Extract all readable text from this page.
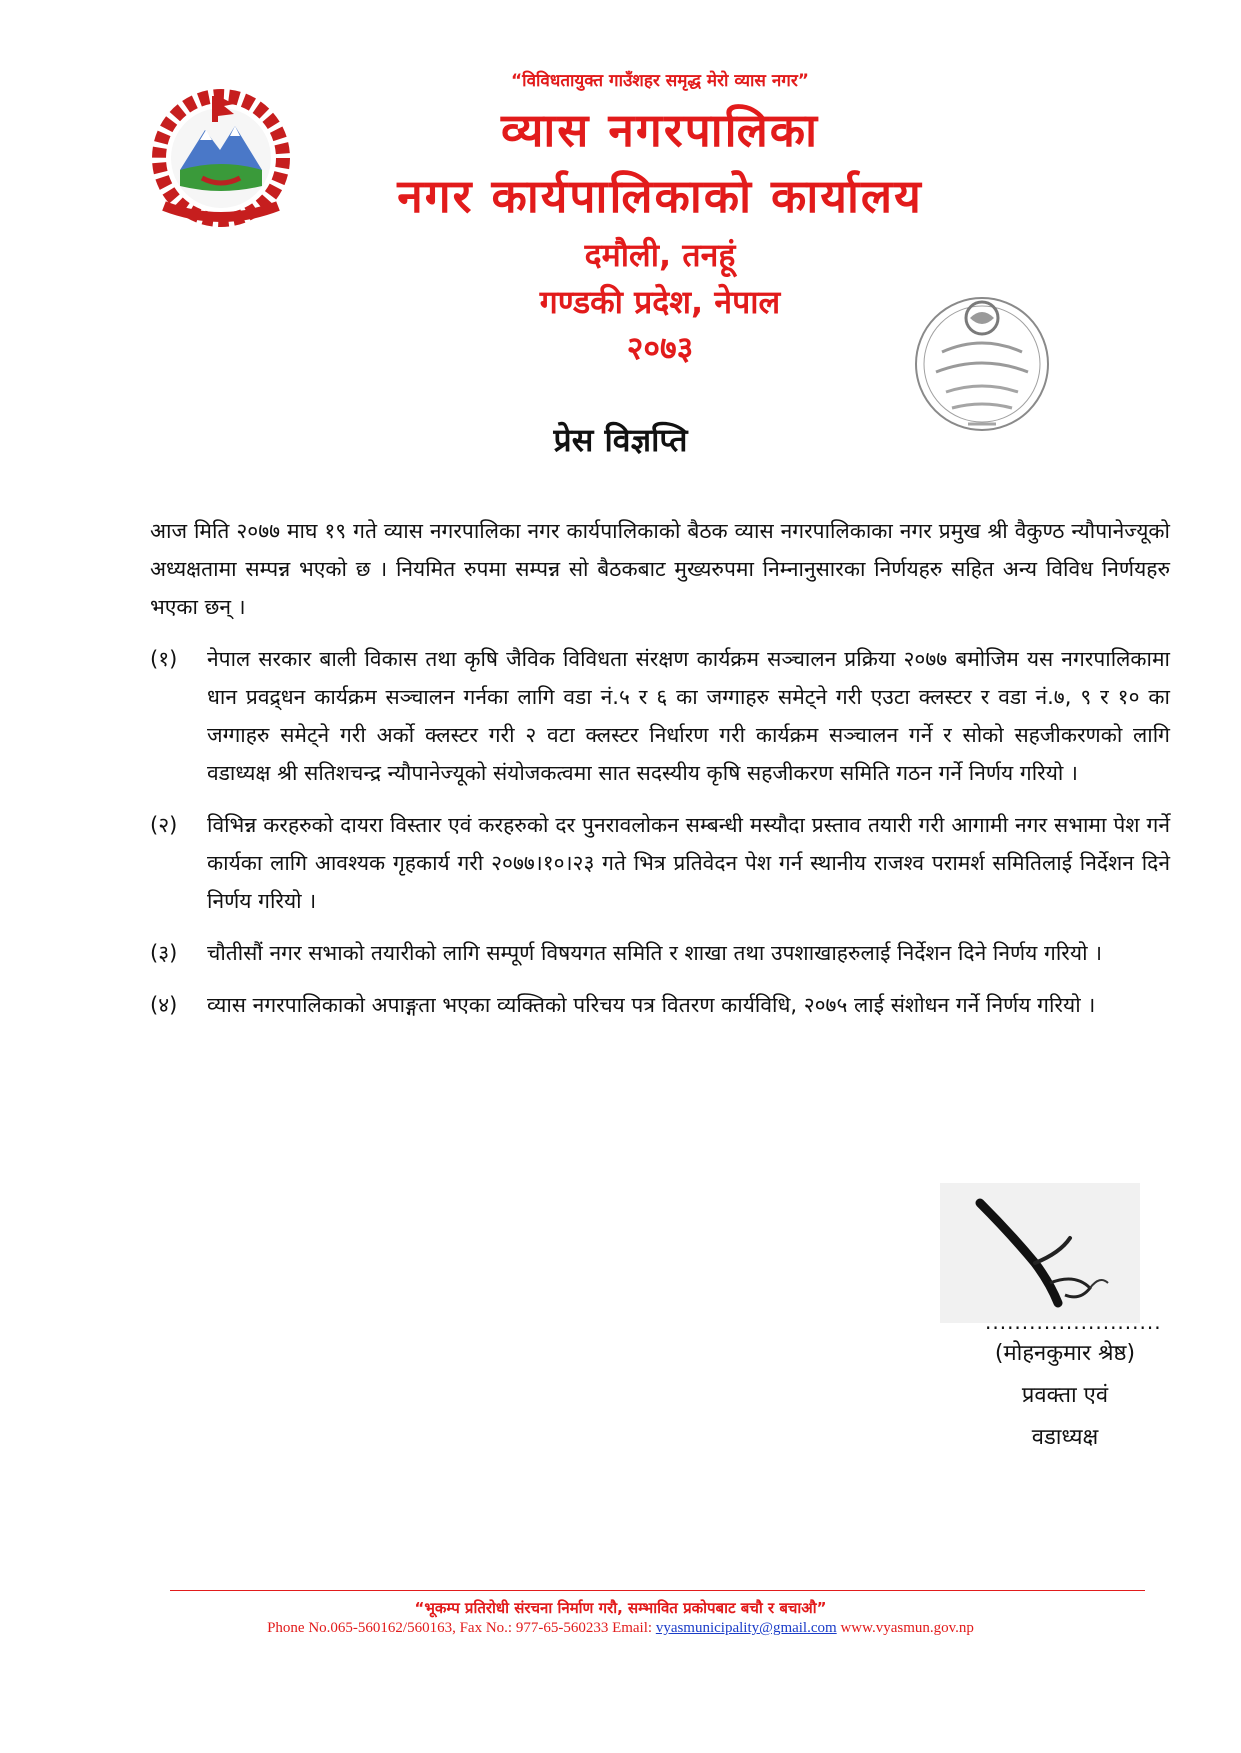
“विविधतायुक्त गाउँशहर समृद्ध मेरो व्यास नगर”
व्यास नगरपालिका
नगर कार्यपालिकाको कार्यालय
दमौली, तनहूं
गण्डकी प्रदेश, नेपाल
२०७३
प्रेस विज्ञप्ति

आज मिति २०७७ माघ १९ गते व्यास नगरपालिका नगर कार्यपालिकाको बैठक व्यास नगरपालिकाका नगर प्रमुख श्री वैकुण्ठ न्यौपानेज्यूको अध्यक्षतामा सम्पन्न भएको छ । नियमित रुपमा सम्पन्न सो बैठकबाट मुख्यरुपमा निम्नानुसारका निर्णयहरु सहित अन्य विविध निर्णयहरु भएका छन् ।

(१)	नेपाल सरकार बाली विकास तथा कृषि जैविक विविधता संरक्षण कार्यक्रम सञ्चालन प्रक्रिया २०७७ बमोजिम यस नगरपालिकामा धान प्रवद्र्धन कार्यक्रम सञ्चालन गर्नका लागि वडा नं.५ र ६ का जग्गाहरु समेट्ने गरी एउटा क्लस्टर र वडा नं.७, ९ र १० का जग्गाहरु समेट्ने गरी अर्को क्लस्टर गरी २ वटा क्लस्टर निर्धारण गरी कार्यक्रम सञ्चालन गर्ने र सोको सहजीकरणको लागि वडाध्यक्ष श्री सतिशचन्द्र न्यौपानेज्यूको संयोजकत्वमा सात सदस्यीय कृषि सहजीकरण समिति गठन गर्ने निर्णय गरियो ।
(२)	विभिन्न करहरुको दायरा विस्तार एवं करहरुको दर पुनरावलोकन सम्बन्धी मस्यौदा प्रस्ताव तयारी गरी आगामी नगर सभामा पेश गर्ने कार्यका लागि आवश्यक गृहकार्य गरी २०७७।१०।२३ गते भित्र प्रतिवेदन पेश गर्न स्थानीय राजश्व परामर्श समितिलाई निर्देशन दिने निर्णय गरियो ।
(३)	चौतीसौं नगर सभाको तयारीको लागि सम्पूर्ण विषयगत समिति र शाखा तथा उपशाखाहरुलाई निर्देशन दिने निर्णय गरियो ।
(४)	व्यास नगरपालिकाको अपाङ्गता भएका व्यक्तिको परिचय पत्र वितरण कार्यविधि, २०७५ लाई संशोधन गर्ने निर्णय गरियो ।
........................
(मोहनकुमार श्रेष्ठ)
प्रवक्ता एवं
वडाध्यक्ष
“भूकम्प प्रतिरोधी संरचना निर्माण गरौ, सम्भावित प्रकोपबाट बचौ र बचाऔ”
Phone No.065-560162/560163, Fax No.: 977-65-560233 Email: vyasmunicipality@gmail.com www.vyasmun.gov.np
